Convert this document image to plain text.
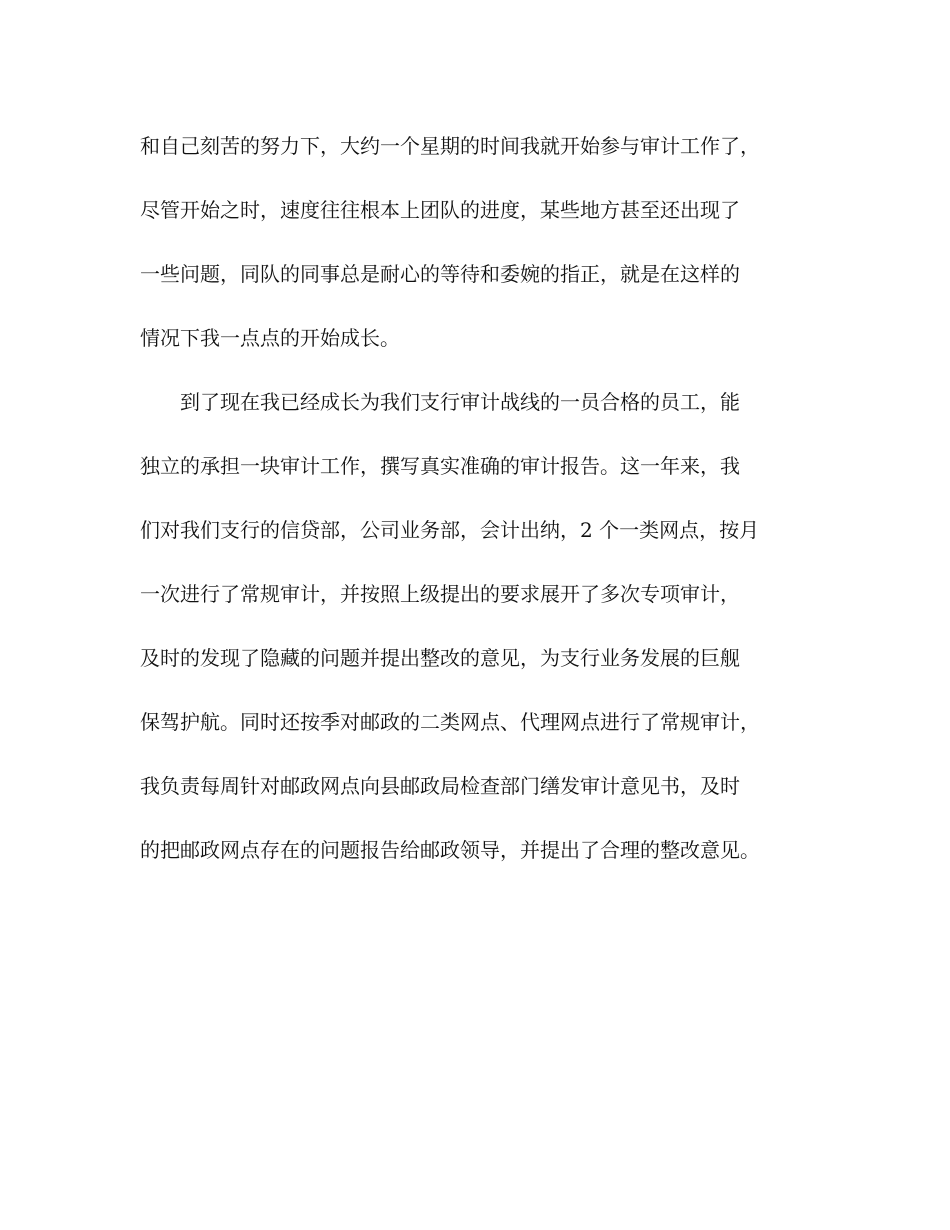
和自己刻苦的努力下，大约一个星期的时间我就开始参与审计工作了，
尽管开始之时，速度往往根本上团队的进度，某些地方甚至还出现了
一些问题，同队的同事总是耐心的等待和委婉的指正，就是在这样的
情况下我一点点的开始成长。
　　到了现在我已经成长为我们支行审计战线的一员合格的员工，能
独立的承担一块审计工作，撰写真实准确的审计报告。这一年来，我
们对我们支行的信贷部，公司业务部，会计出纳，2 个一类网点，按月
一次进行了常规审计，并按照上级提出的要求展开了多次专项审计，
及时的发现了隐藏的问题并提出整改的意见，为支行业务发展的巨舰
保驾护航。同时还按季对邮政的二类网点、代理网点进行了常规审计，
我负责每周针对邮政网点向县邮政局检查部门缮发审计意见书，及时
的把邮政网点存在的问题报告给邮政领导，并提出了合理的整改意见。
